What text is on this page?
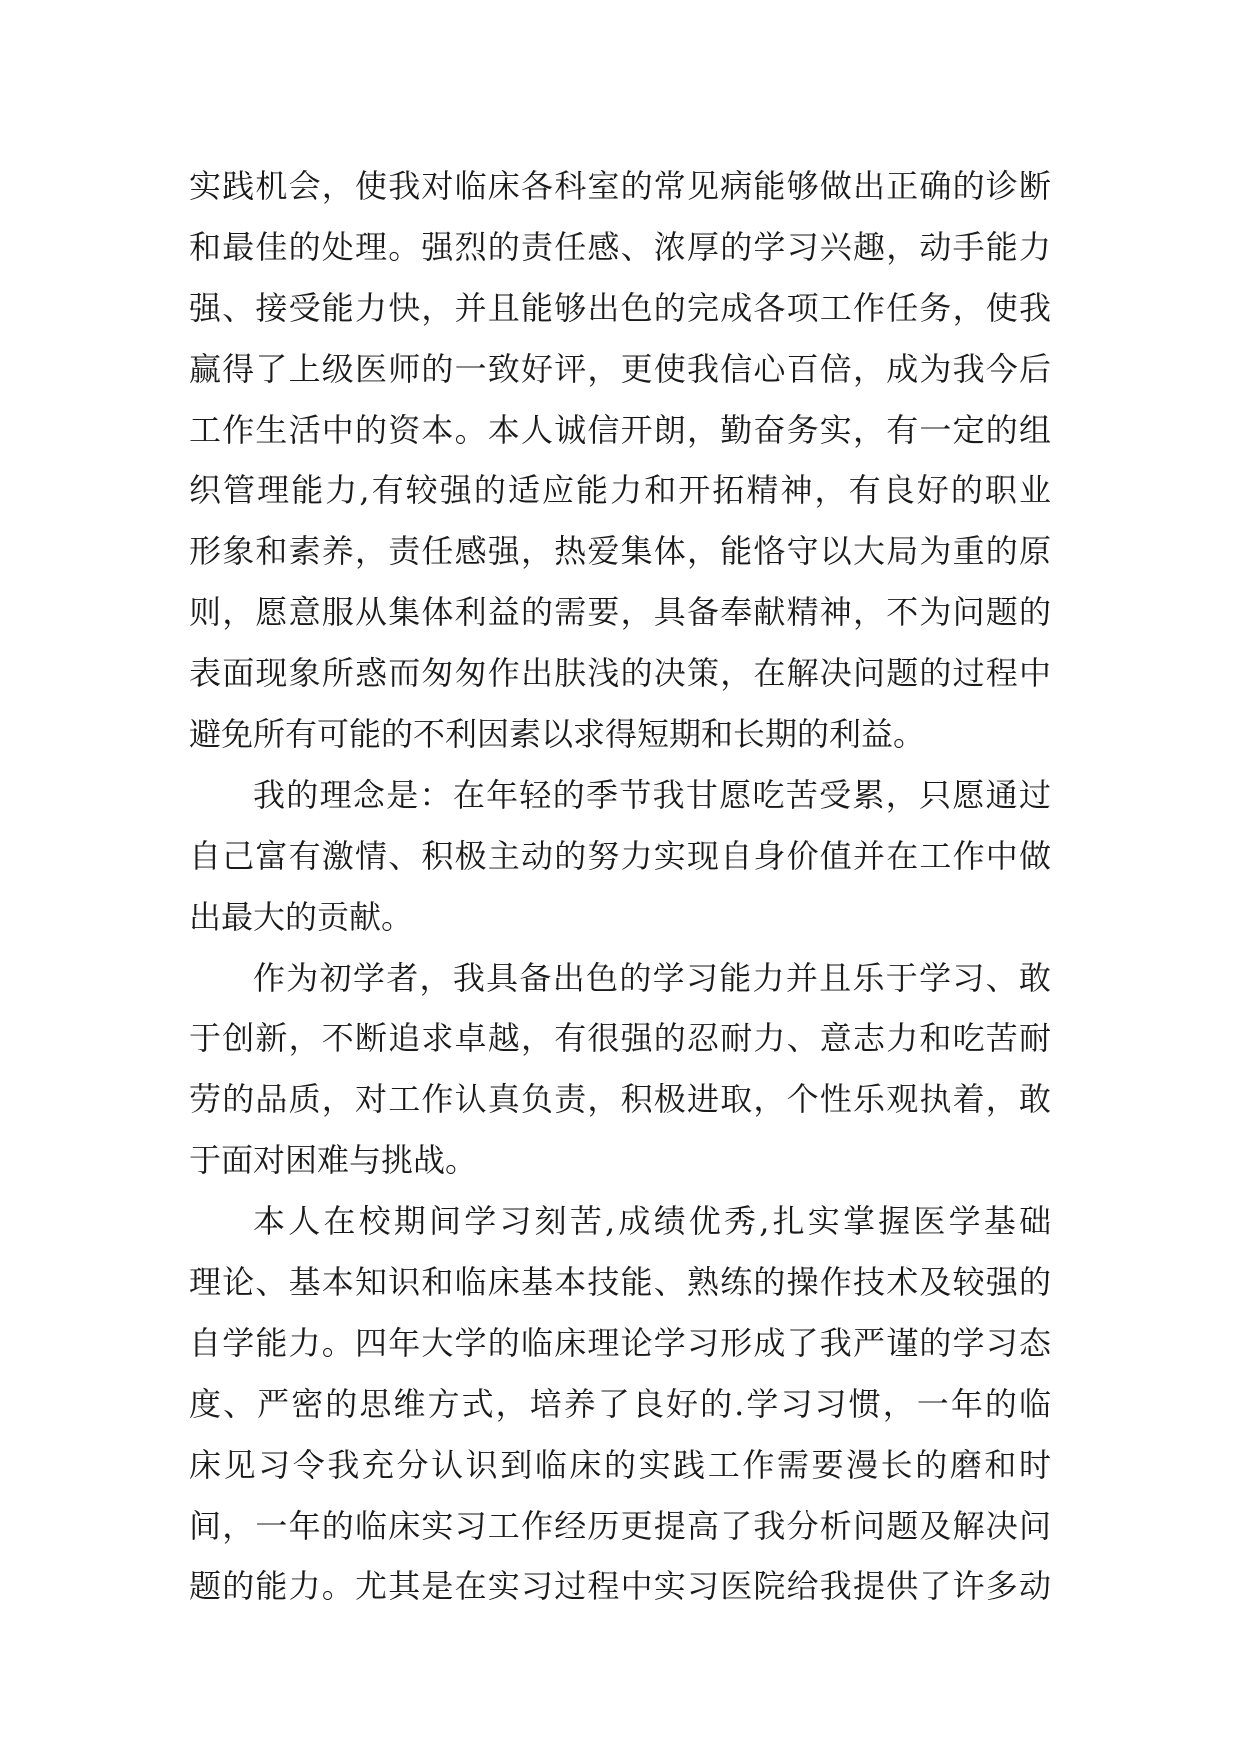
实践机会，使我对临床各科室的常见病能够做出正确的诊断
和最佳的处理。强烈的责任感、浓厚的学习兴趣，动手能力
强、接受能力快，并且能够出色的完成各项工作任务，使我
赢得了上级医师的一致好评，更使我信心百倍，成为我今后
工作生活中的资本。本人诚信开朗，勤奋务实，有一定的组
织管理能力,有较强的适应能力和开拓精神，有良好的职业
形象和素养，责任感强，热爱集体，能恪守以大局为重的原
则，愿意服从集体利益的需要，具备奉献精神，不为问题的
表面现象所惑而匆匆作出肤浅的决策，在解决问题的过程中
避免所有可能的不利因素以求得短期和长期的利益。
我的理念是：在年轻的季节我甘愿吃苦受累，只愿通过
自己富有激情、积极主动的努力实现自身价值并在工作中做
出最大的贡献。
作为初学者，我具备出色的学习能力并且乐于学习、敢
于创新，不断追求卓越，有很强的忍耐力、意志力和吃苦耐
劳的品质，对工作认真负责，积极进取，个性乐观执着，敢
于面对困难与挑战。
本人在校期间学习刻苦,成绩优秀,扎实掌握医学基础
理论、基本知识和临床基本技能、熟练的操作技术及较强的
自学能力。四年大学的临床理论学习形成了我严谨的学习态
度、严密的思维方式，培养了良好的.学习习惯，一年的临
床见习令我充分认识到临床的实践工作需要漫长的磨和时
间，一年的临床实习工作经历更提高了我分析问题及解决问
题的能力。尤其是在实习过程中实习医院给我提供了许多动
